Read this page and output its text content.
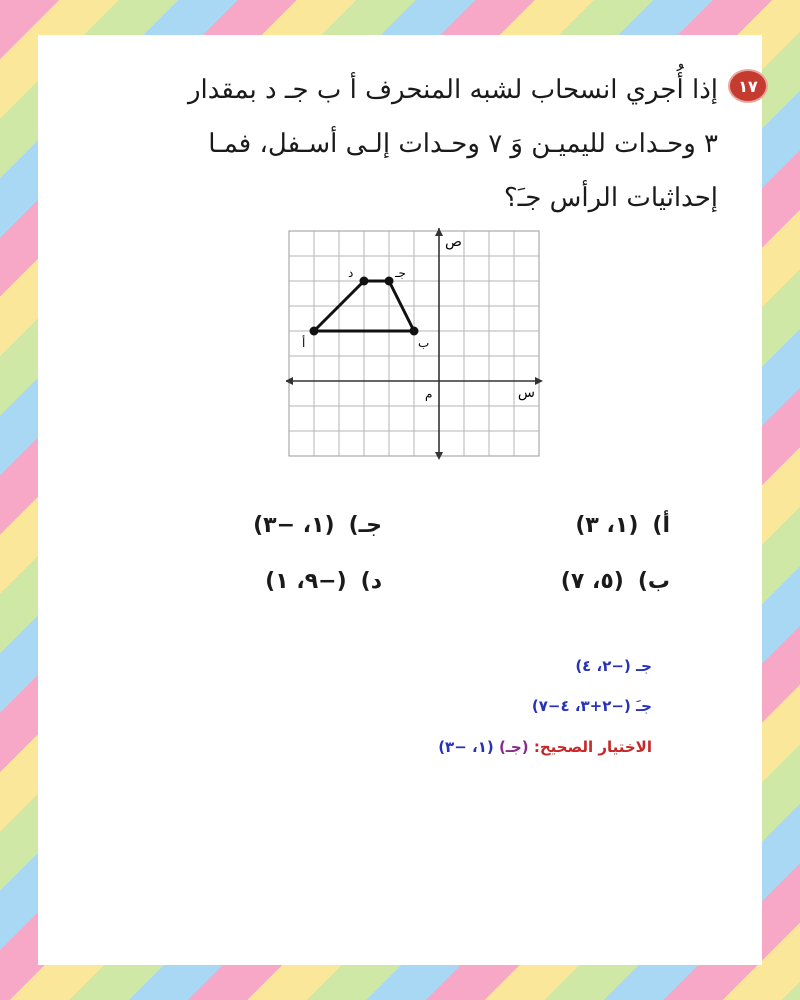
١٧
إذا أُجري انسحاب لشبه المنحرف أ ب جـ د بمقدار
٣ وحـدات لليميـن وَ ٧ وحـدات إلـى أسـفل، فمـا
إحداثيات الرأس جـَ؟
س
ص
م
أ	ب
جـ
د
أ)(١، ٣)
جـ)(١، −٣)
ب)(٥، ٧)
د)(−٩، ١)
جـ (−٢، ٤)
جـَ (−٢+٣، ٤−٧)
الاختيار الصحيح: (جـ) (١، −٣)
